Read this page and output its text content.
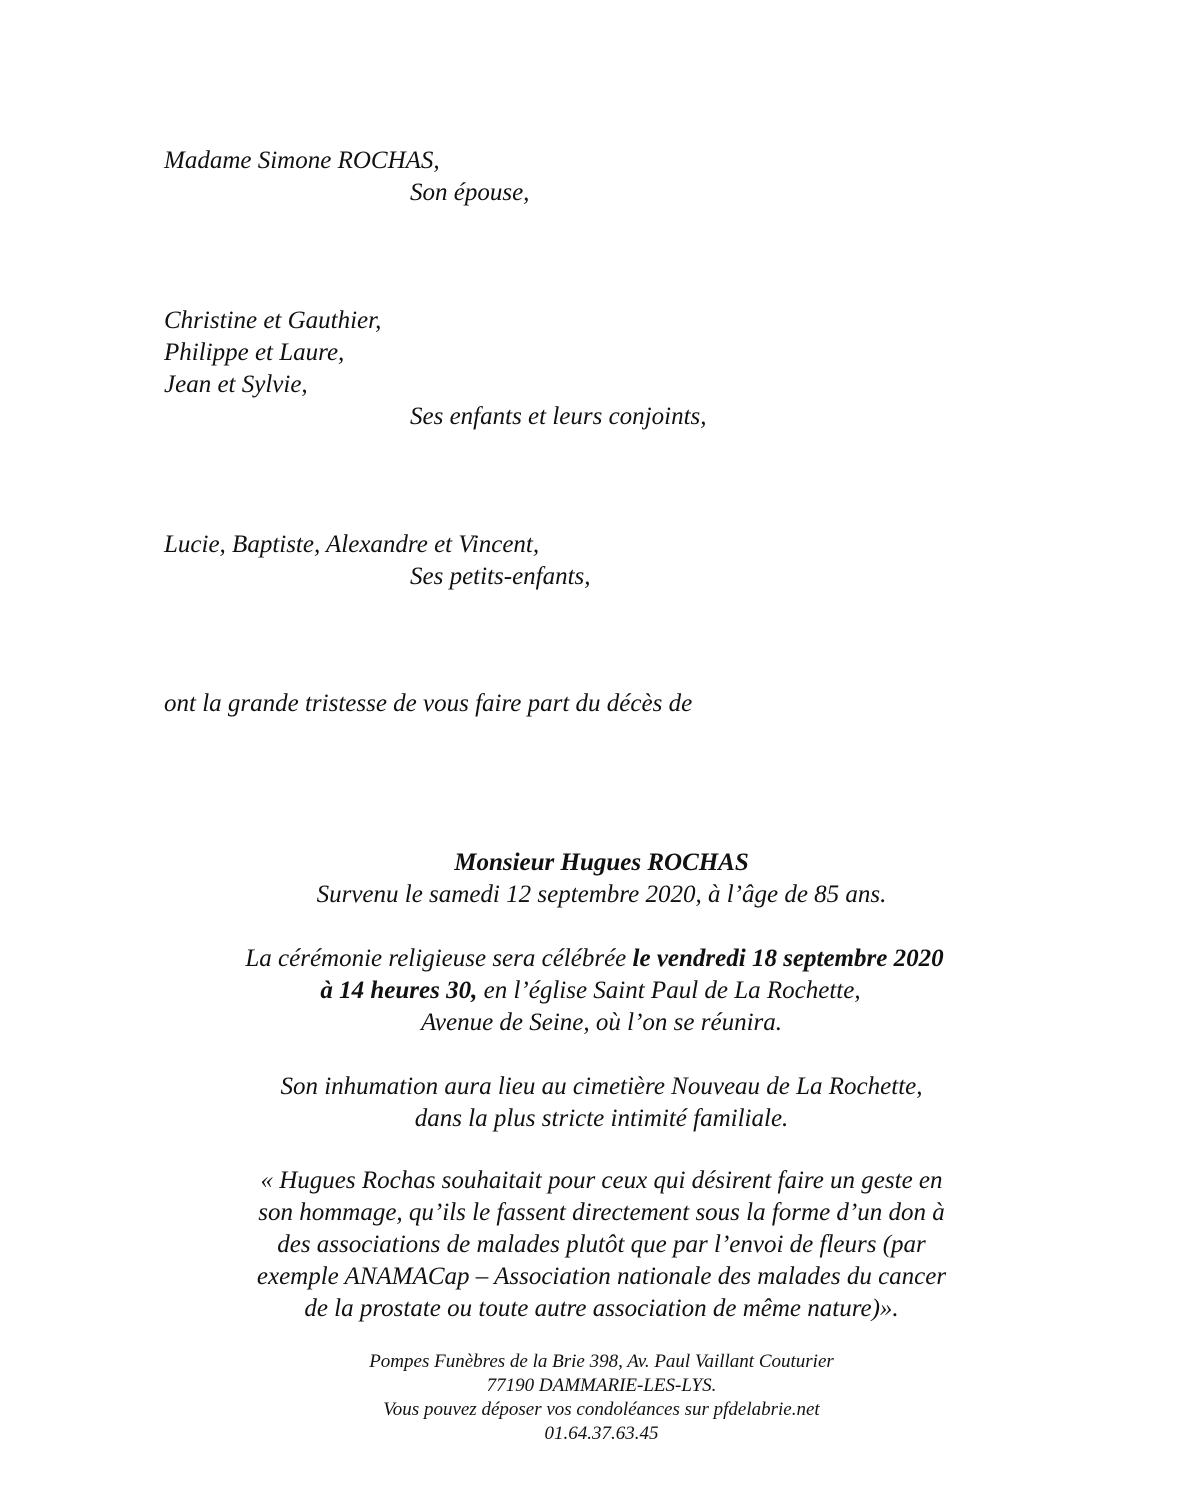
Madame Simone ROCHAS,
Son épouse,
Christine et Gauthier,
Philippe et Laure,
Jean et Sylvie,
Ses enfants et leurs conjoints,
Lucie, Baptiste, Alexandre et Vincent,
Ses petits-enfants,
ont la grande tristesse de vous faire part du décès de
Monsieur Hugues ROCHAS
Survenu le samedi 12 septembre 2020, à l’âge de 85 ans.
La cérémonie religieuse sera célébrée le vendredi 18 septembre 2020
à 14 heures 30, en l’église Saint Paul de La Rochette,
Avenue de Seine, où l’on se réunira.
Son inhumation aura lieu au cimetière Nouveau de La Rochette,
dans la plus stricte intimité familiale.
« Hugues Rochas souhaitait pour ceux qui désirent faire un geste en
son hommage, qu’ils le fassent directement sous la forme d’un don à
des associations de malades plutôt que par l’envoi de fleurs (par
exemple ANAMACap – Association nationale des malades du cancer
de la prostate ou toute autre association de même nature)».
Pompes Funèbres de la Brie 398, Av. Paul Vaillant Couturier
77190 DAMMARIE-LES-LYS.
Vous pouvez déposer vos condoléances sur pfdelabrie.net
01.64.37.63.45
